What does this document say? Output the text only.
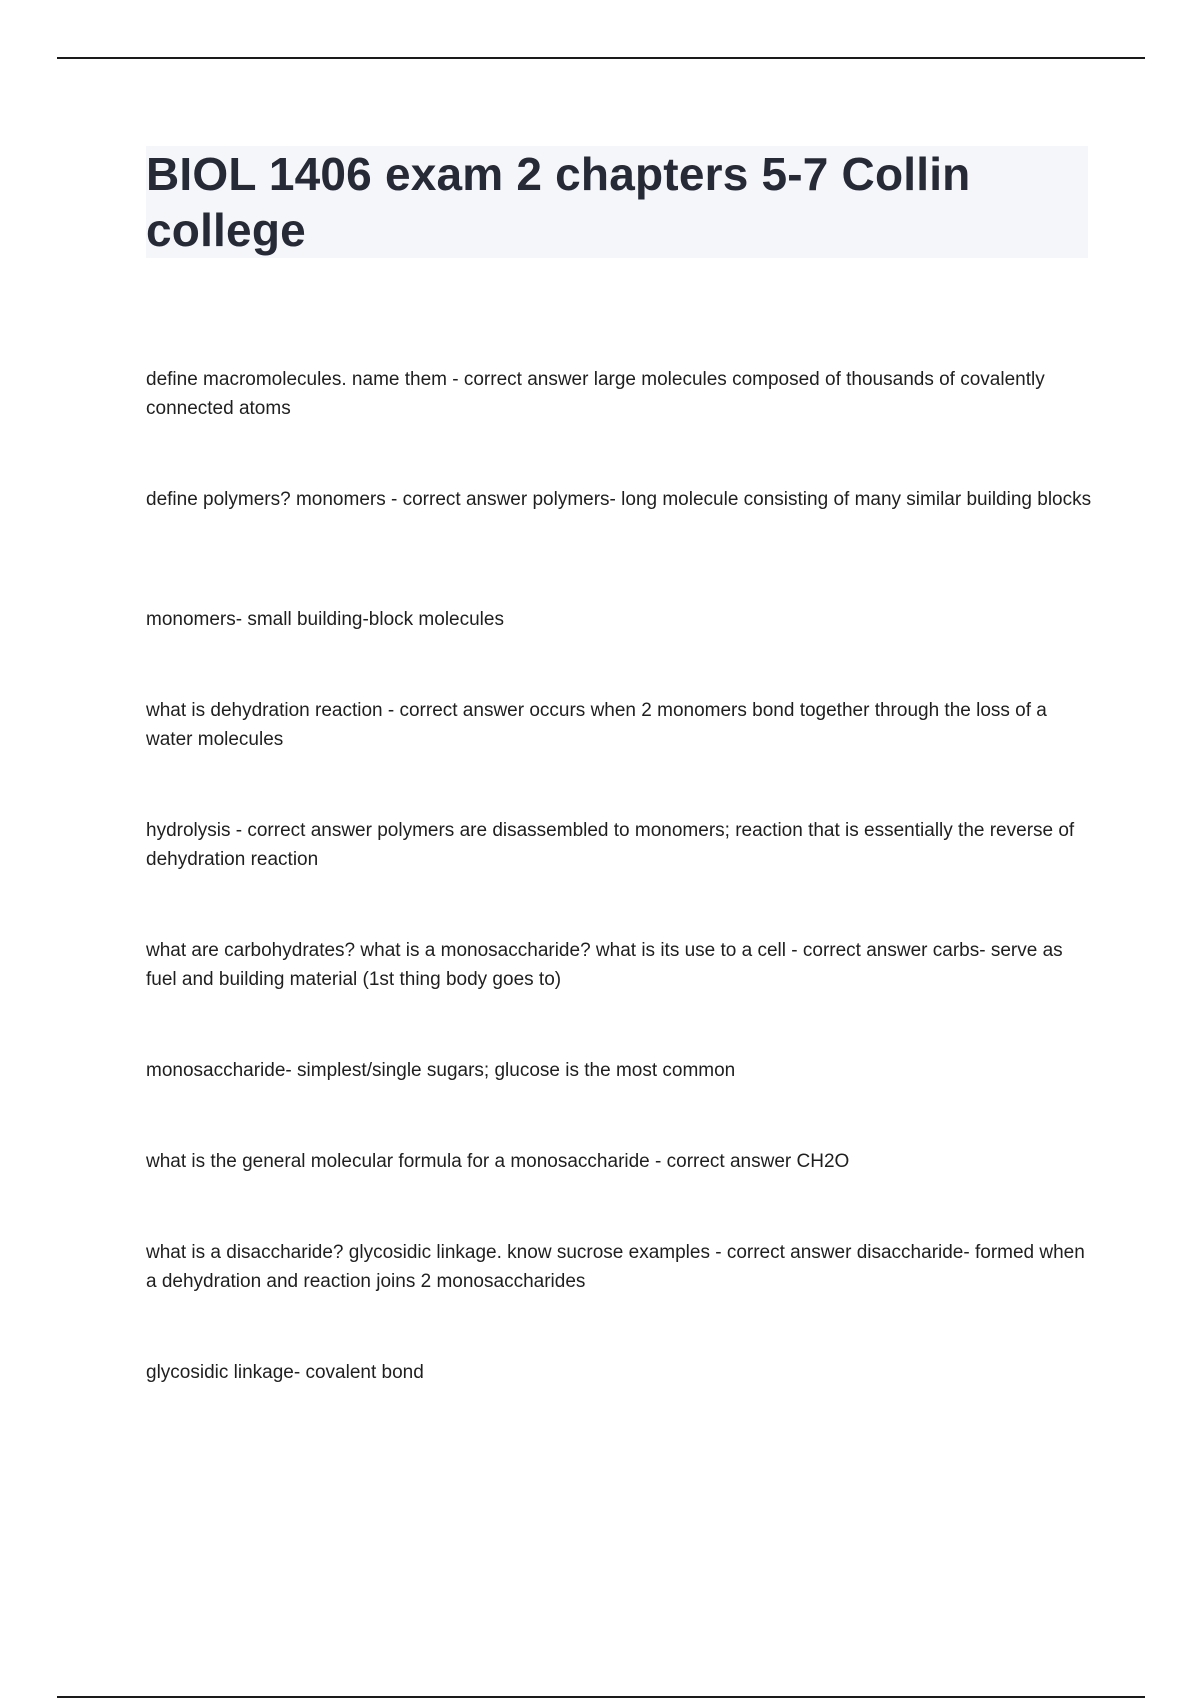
BIOL 1406 exam 2 chapters 5-7 Collin college

define macromolecules. name them - correct answer large molecules composed of thousands of covalently connected atoms

define polymers? monomers - correct answer polymers- long molecule consisting of many similar building blocks

monomers- small building-block molecules

what is dehydration reaction - correct answer occurs when 2 monomers bond together through the loss of a water molecules

hydrolysis - correct answer polymers are disassembled to monomers; reaction that is essentially the reverse of dehydration reaction

what are carbohydrates? what is a monosaccharide? what is its use to a cell - correct answer carbs- serve as fuel and building material (1st thing body goes to)

monosaccharide- simplest/single sugars; glucose is the most common

what is the general molecular formula for a monosaccharide - correct answer CH2O

what is a disaccharide? glycosidic linkage. know sucrose examples - correct answer disaccharide- formed when a dehydration and reaction joins 2 monosaccharides

glycosidic linkage- covalent bond
